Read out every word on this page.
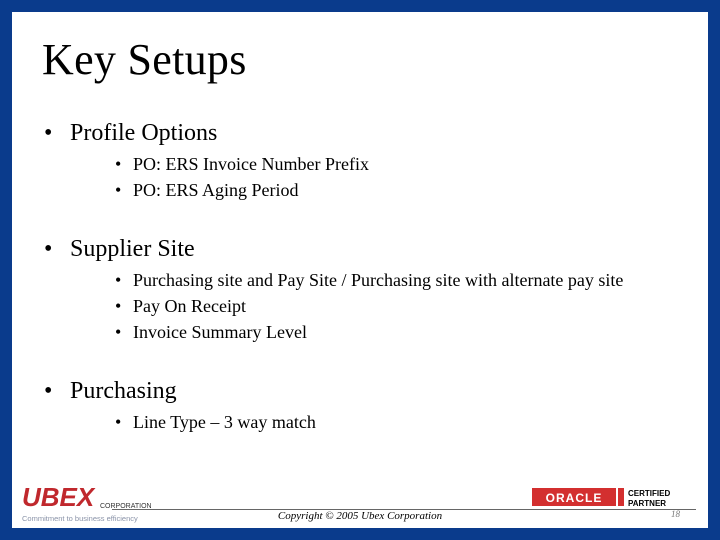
Key Setups
• Profile Options
• PO: ERS Invoice Number Prefix
• PO: ERS Aging Period
• Supplier Site
• Purchasing site and Pay Site / Purchasing site with alternate pay site
• Pay On Receipt
• Invoice Summary Level
• Purchasing
• Line Type – 3 way match
UBEX CORPORATION
Commitment to business efficiency	Copyright © 2005 Ubex Corporation
ORACLE	CERTIFIED
PARTNER
18
